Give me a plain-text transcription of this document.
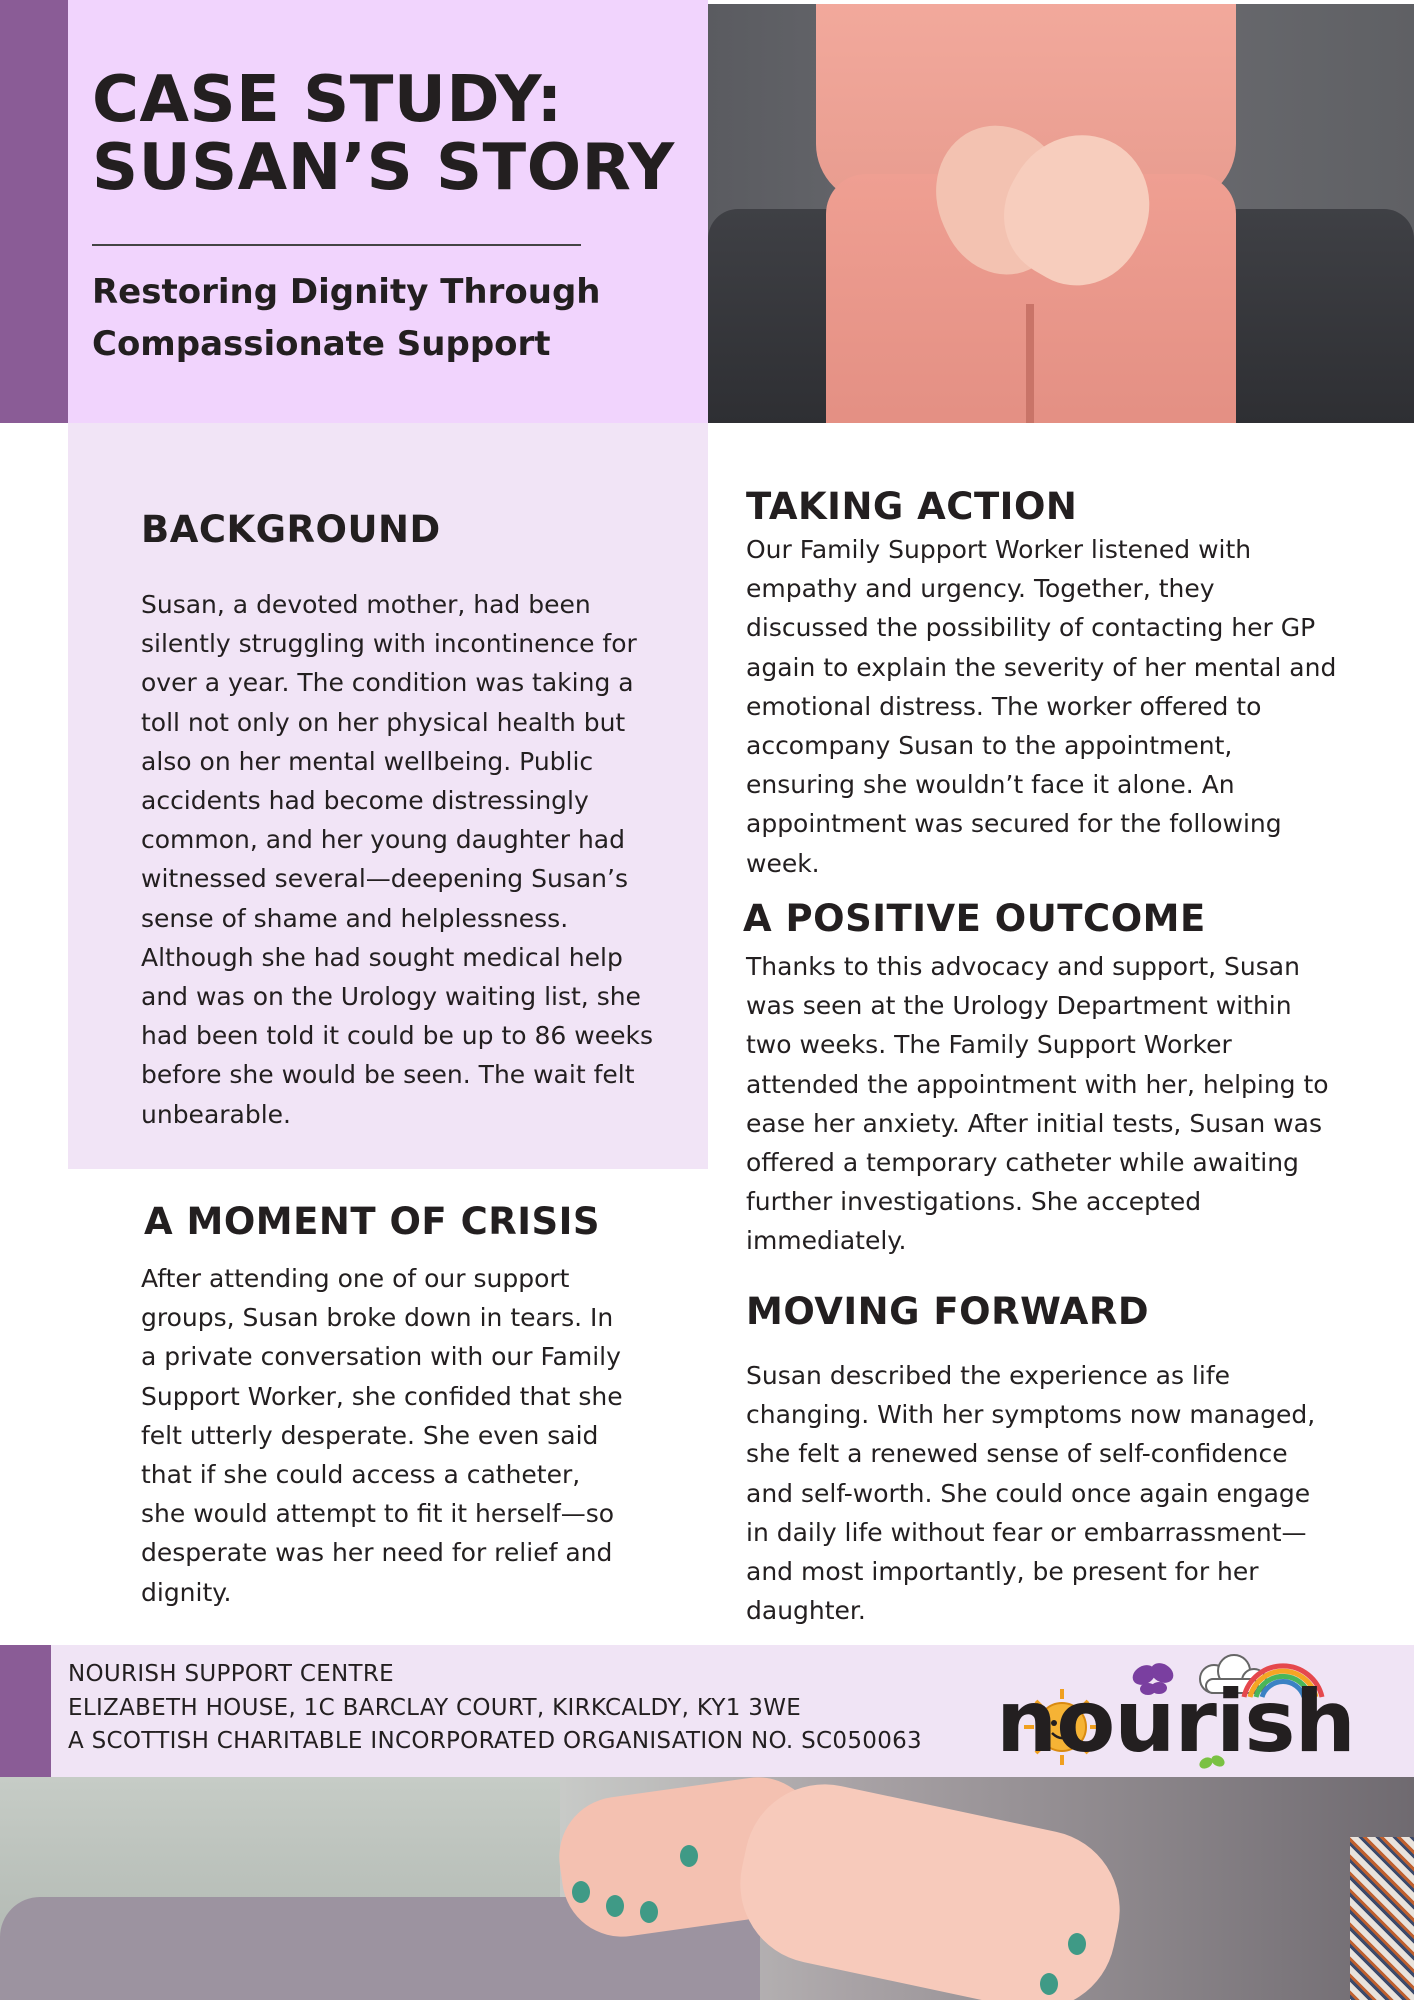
CASE STUDY:
SUSAN’S STORY
Restoring Dignity Through
Compassionate Support
BACKGROUND

Susan, a devoted mother, had been
silently struggling with incontinence for
over a year. The condition was taking a
toll not only on her physical health but
also on her mental wellbeing. Public
accidents had become distressingly
common, and her young daughter had
witnessed several—deepening Susan’s
sense of shame and helplessness.
Although she had sought medical help
and was on the Urology waiting list, she
had been told it could be up to 86 weeks
before she would be seen. The wait felt
unbearable.

A MOMENT OF CRISIS

After attending one of our support
groups, Susan broke down in tears. In
a private conversation with our Family
Support Worker, she confided that she
felt utterly desperate. She even said
that if she could access a catheter,
she would attempt to fit it herself—so
desperate was her need for relief and
dignity.

TAKING ACTION

Our Family Support Worker listened with
empathy and urgency. Together, they
discussed the possibility of contacting her GP
again to explain the severity of her mental and
emotional distress. The worker offered to
accompany Susan to the appointment,
ensuring she wouldn’t face it alone. An
appointment was secured for the following
week.

A POSITIVE OUTCOME

Thanks to this advocacy and support, Susan
was seen at the Urology Department within
two weeks. The Family Support Worker
attended the appointment with her, helping to
ease her anxiety. After initial tests, Susan was
offered a temporary catheter while awaiting
further investigations. She accepted
immediately.

MOVING FORWARD

Susan described the experience as life
changing. With her symptoms now managed,
she felt a renewed sense of self-confidence
and self-worth. She could once again engage
in daily life without fear or embarrassment—
and most importantly, be present for her
daughter.

NOURISH SUPPORT CENTRE
ELIZABETH HOUSE, 1C BARCLAY COURT, KIRKCALDY, KY1 3WE
A SCOTTISH CHARITABLE INCORPORATED ORGANISATION NO. SC050063 nourish
